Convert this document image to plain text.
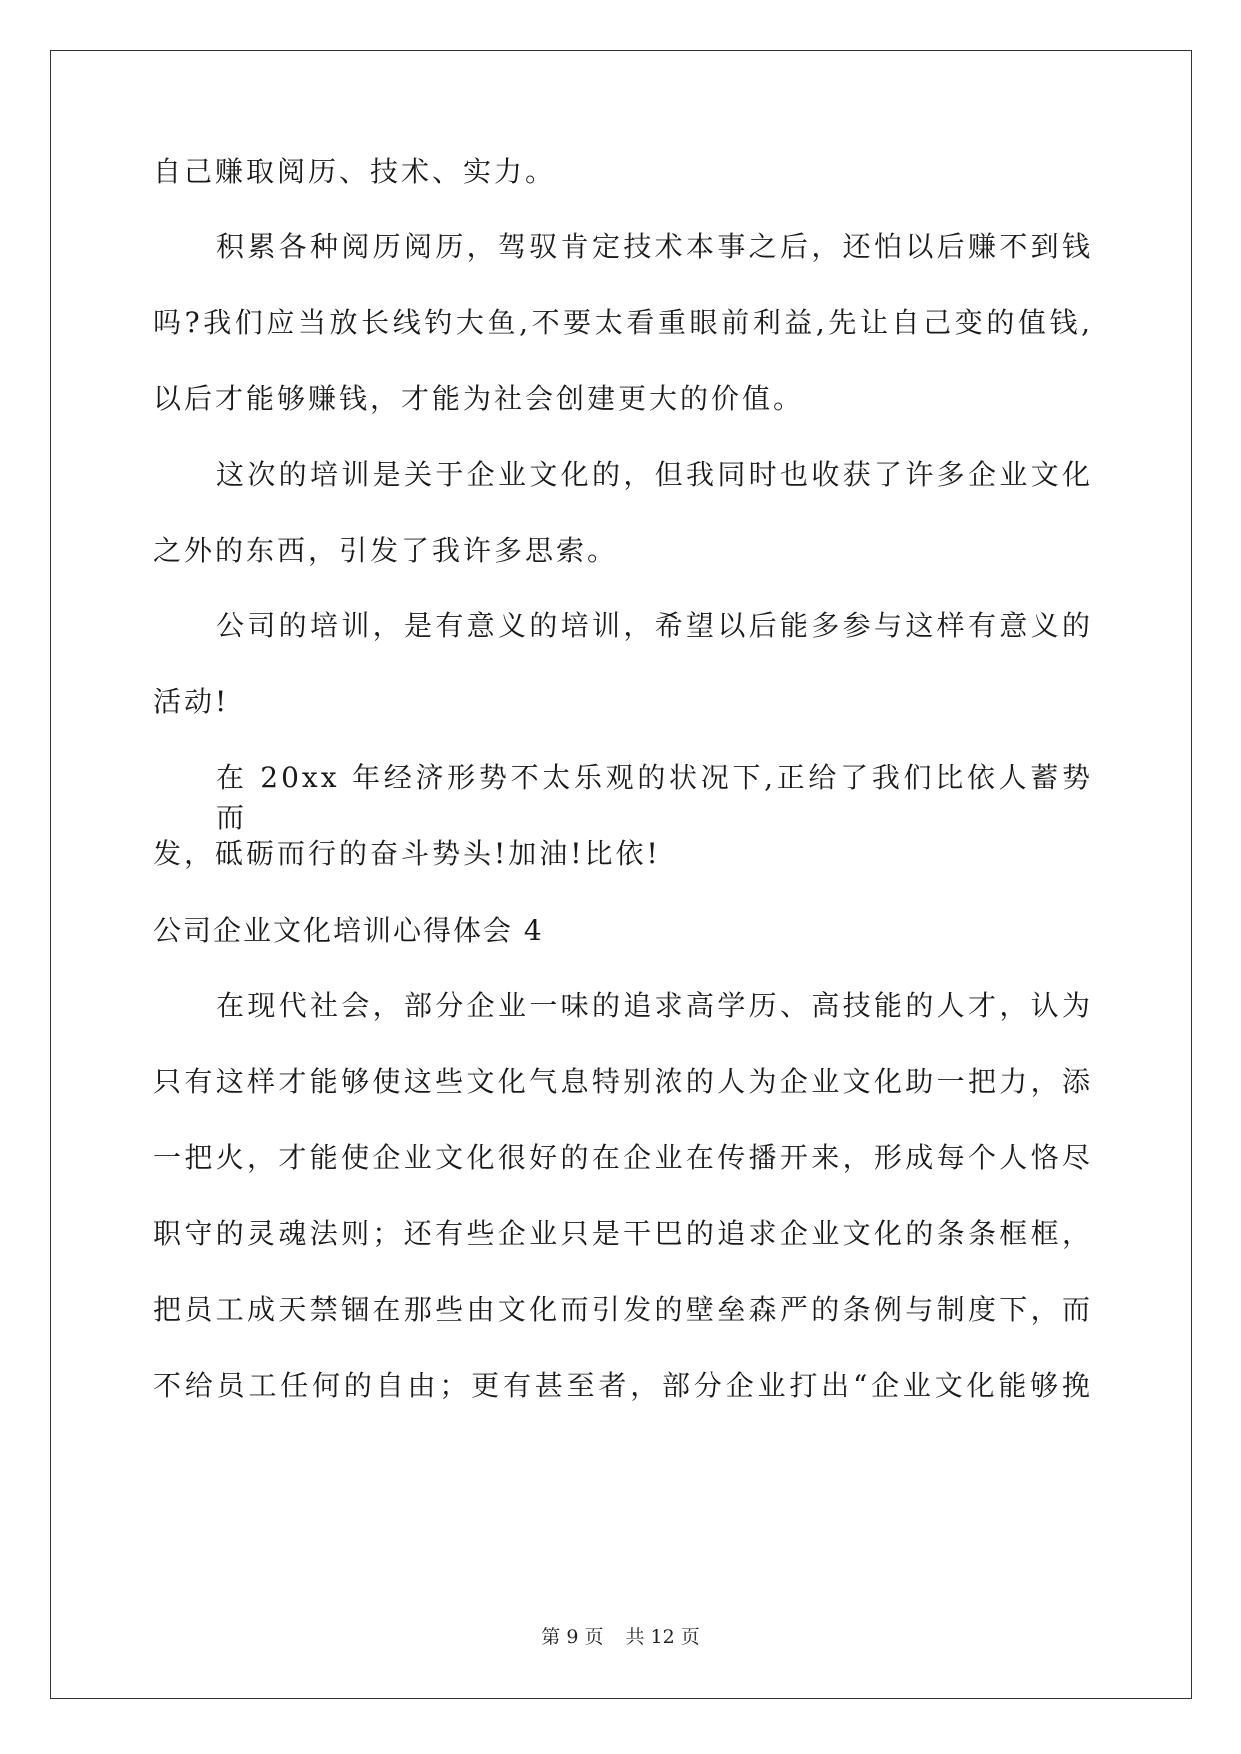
自己赚取阅历、技术、实力。
积累各种阅历阅历，驾驭肯定技术本事之后，还怕以后赚不到钱
吗?我们应当放长线钓大鱼,不要太看重眼前利益,先让自己变的值钱,
以后才能够赚钱，才能为社会创建更大的价值。
这次的培训是关于企业文化的，但我同时也收获了许多企业文化
之外的东西，引发了我许多思索。
公司的培训，是有意义的培训，希望以后能多参与这样有意义的
活动!
在 20xx 年经济形势不太乐观的状况下,正给了我们比依人蓄势而
发，砥砺而行的奋斗势头!加油!比依!
公司企业文化培训心得体会 4
在现代社会，部分企业一味的追求高学历、高技能的人才，认为
只有这样才能够使这些文化气息特别浓的人为企业文化助一把力，添
一把火，才能使企业文化很好的在企业在传播开来，形成每个人恪尽
职守的灵魂法则；还有些企业只是干巴的追求企业文化的条条框框，
把员工成天禁锢在那些由文化而引发的壁垒森严的条例与制度下，而
不给员工任何的自由；更有甚至者，部分企业打出“企业文化能够挽
第 9 页 共 12 页
